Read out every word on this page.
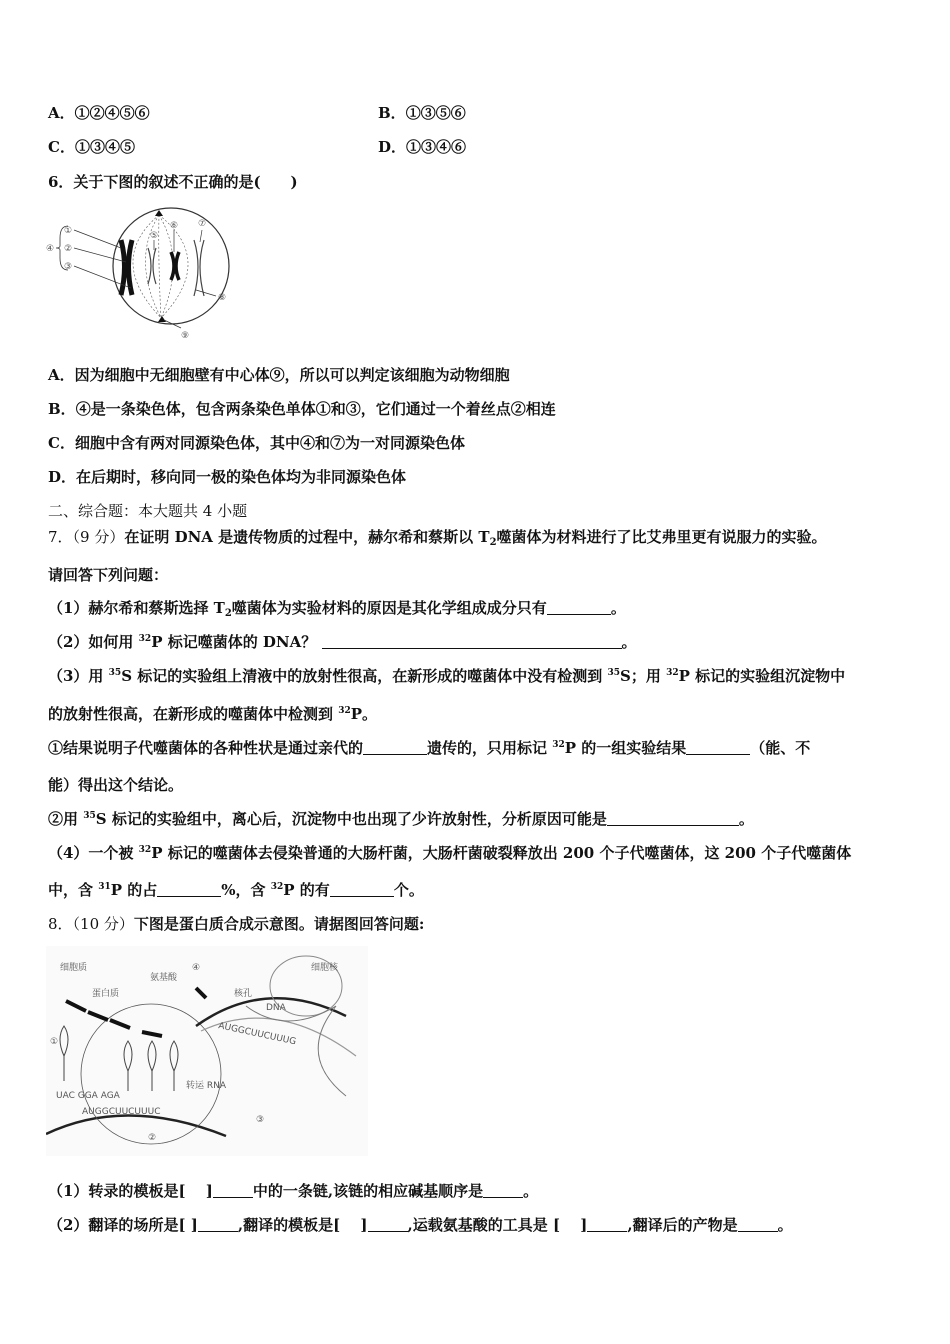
A．①②④⑤⑥	B．①③⑤⑥
C．①③④⑤	D．①③④⑥
6．关于下图的叙述不正确的是(　　)
①
②
③
④
⑤
⑥ ⑦
⑧
⑨
A．因为细胞中无细胞壁有中心体⑨，所以可以判定该细胞为动物细胞
B．④是一条染色体，包含两条染色单体①和③，它们通过一个着丝点②相连
C．细胞中含有两对同源染色体，其中④和⑦为一对同源染色体
D．在后期时，移向同一极的染色体均为非同源染色体
二、综合题：本大题共 4 小题
7．（9 分）在证明 DNA 是遗传物质的过程中，赫尔希和蔡斯以 $T_2$噬菌体为材料进行了比艾弗里更有说服力的实验。
请回答下列问题：
（1）赫尔希和蔡斯选择 $T_2$噬菌体为实验材料的原因是其化学组成成分只有	。
（2）如何用 $^{32}$P 标记噬菌体的 DNA？	。
（3）用 $^{35}$S 标记的实验组上清液中的放射性很高，在新形成的噬菌体中没有检测到 $^{35}$S；用 $^{32}$P 标记的实验组沉淀物中
的放射性很高，在新形成的噬菌体中检测到 $^{32}$P。
①结果说明子代噬菌体的各种性状是通过亲代的	遗传的，只用标记 $^{32}$P 的一组实验结果	（能、不
能）得出这个结论。
②用 $^{35}$S 标记的实验组中，离心后，沉淀物中也出现了少许放射性，分析原因可能是	。
（4）一个被 $^{32}$P 标记的噬菌体去侵染普通的大肠杆菌，大肠杆菌破裂释放出 200 个子代噬菌体，这 200 个子代噬菌体
中，含 $^{31}$P 的占	%，含 $^{32}$P 的有	个。
8．（10 分）下图是蛋白质合成示意图。请据图回答问题:
细胞质	细胞核
蛋白质
氨基酸
核孔
DNA
转运 RNA
AUGGCUUCUUUG
AUGGCUUCUUUC
UAC GGA AGA
①
②
③
④
（1）转录的模板是[　 ]	中的一条链,该链的相应碱基顺序是	。
（2）翻译的场所是[ ]	,翻译的模板是[　 ]	,运载氨基酸的工具是 [　 ]	,翻译后的产物是	。
